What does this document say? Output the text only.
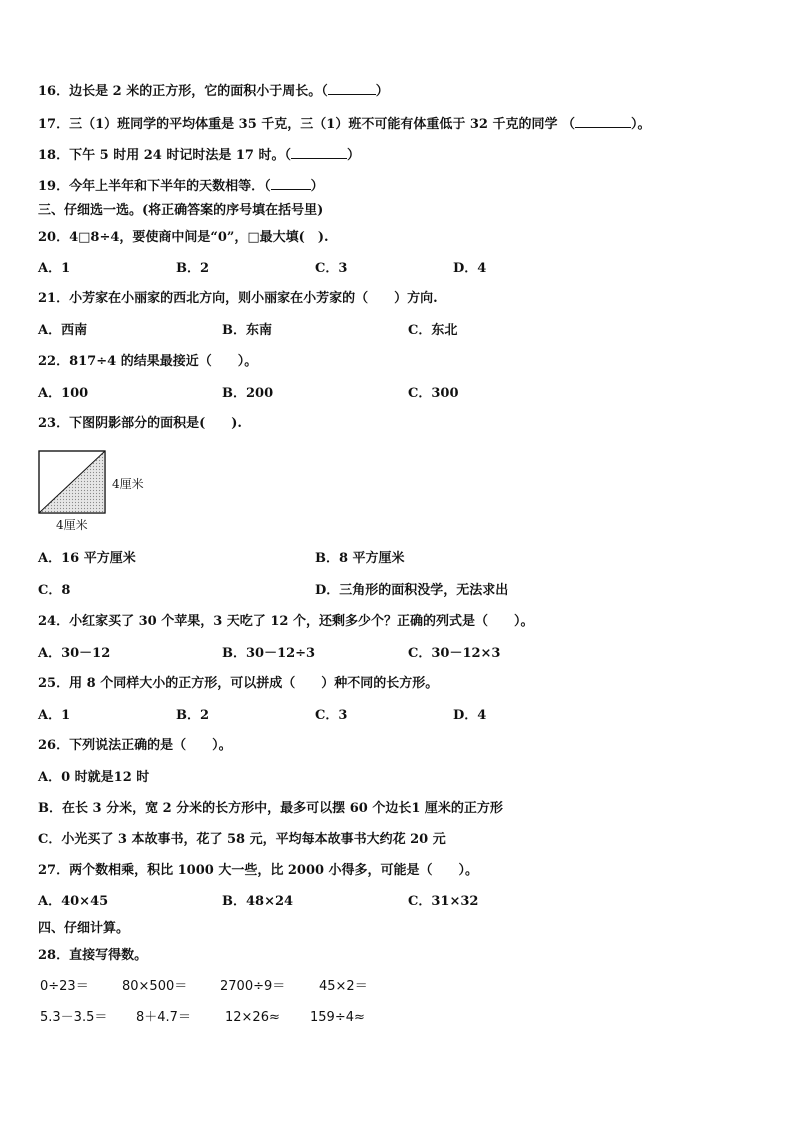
16．边长是 2 米的正方形，它的面积小于周长。（	）
17．三（1）班同学的平均体重是 35 千克，三（1）班不可能有体重低于 32 千克的同学 （	）。
18．下午 5 时用 24 时记时法是 17 时。（	）
19．今年上半年和下半年的天数相等．（	）
三、仔细选一选。(将正确答案的序号填在括号里)
20．4□8÷4，要使商中间是“0”，□最大填(　).
A．1	B．2	C．3	D．4
21．小芳家在小丽家的西北方向，则小丽家在小芳家的（　　）方向.
A．西南	B．东南	C．东北
22．817÷4 的结果最接近（　　）。
A．100	B．200	C．300
23．下图阴影部分的面积是(　　).
4厘米
4厘米
A．16 平方厘米	B．8 平方厘米
C．8	D．三角形的面积没学，无法求出
24．小红家买了 30 个苹果，3 天吃了 12 个，还剩多少个？正确的列式是（　　）。
A．30－12	B．30－12÷3	C．30－12×3
25．用 8 个同样大小的正方形，可以拼成（　　）种不同的长方形。
A．1	B．2	C．3	D．4
26．下列说法正确的是（　　）。
A．0 时就是12 时
B．在长 3 分米，宽 2 分米的长方形中，最多可以摆 60 个边长1 厘米的正方形
C．小光买了 3 本故事书，花了 58 元，平均每本故事书大约花 20 元
27．两个数相乘，积比 1000 大一些，比 2000 小得多，可能是（　　）。
A．40×45	B．48×24	C．31×32
四、仔细计算。
28．直接写得数。
0÷23＝	80×500＝	2700÷9＝	45×2＝
5.3－3.5＝ 8＋4.7＝	12×26≈ 159÷4≈
